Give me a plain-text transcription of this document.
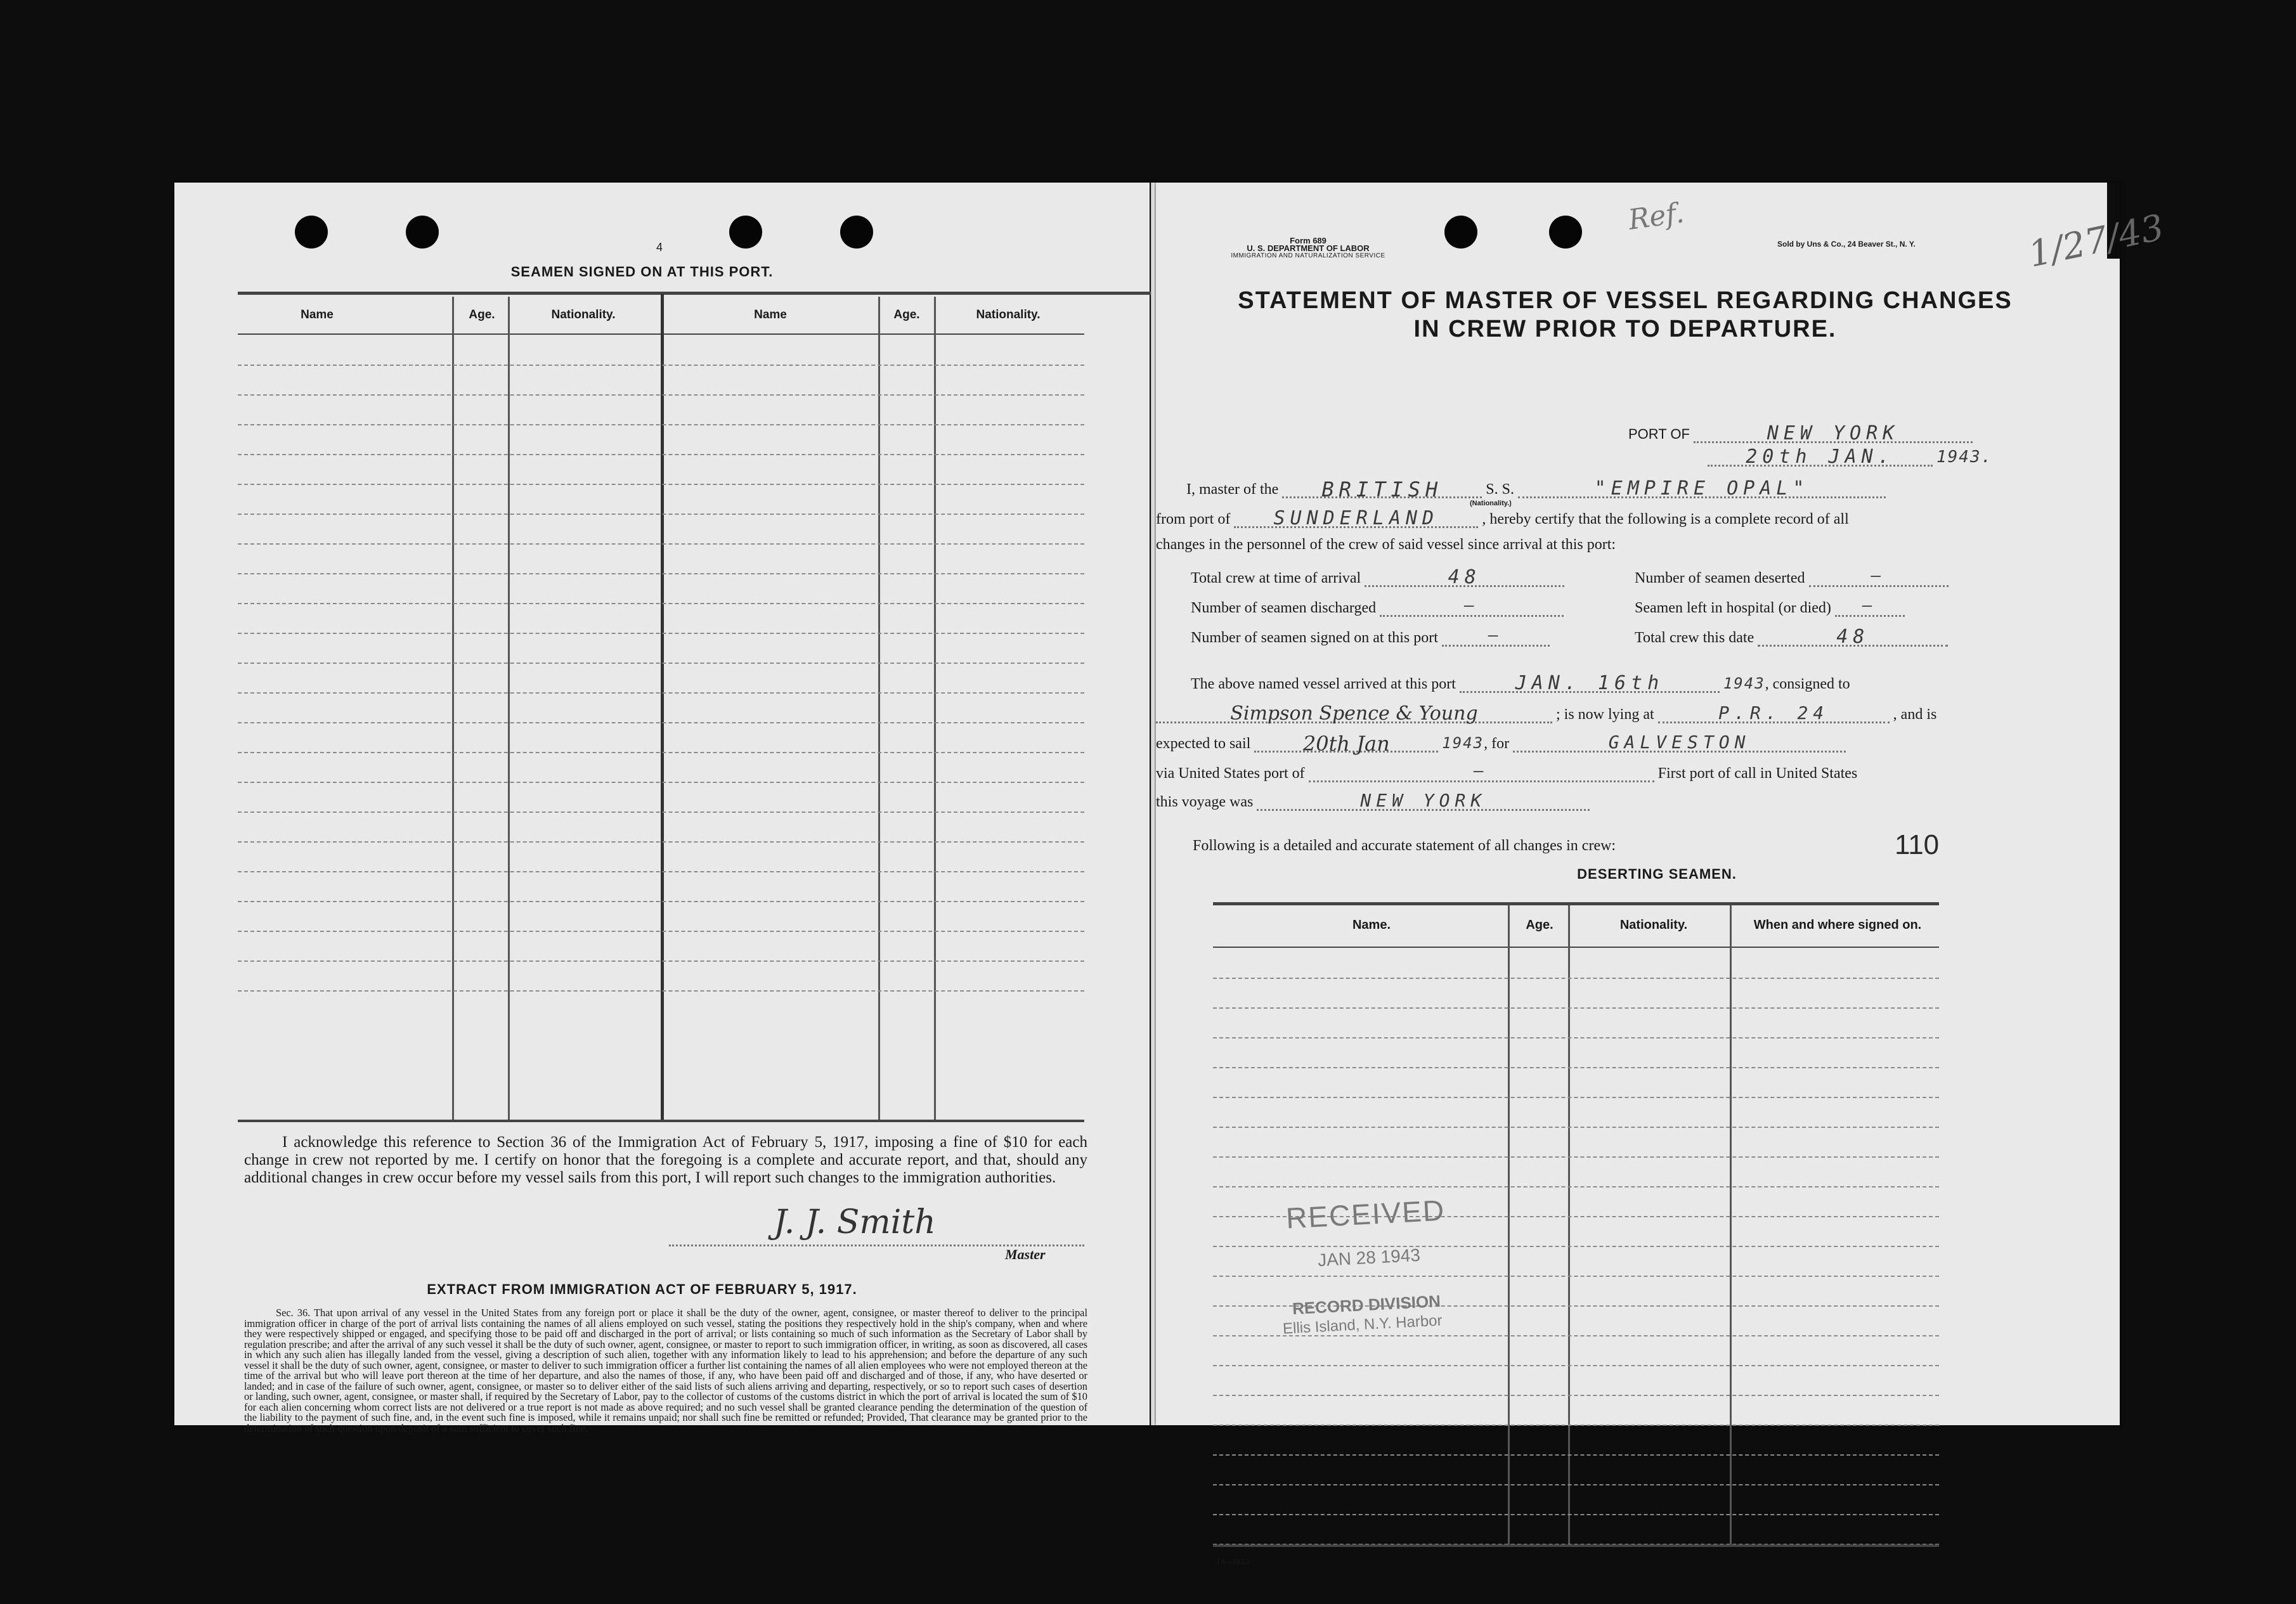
4
SEAMEN SIGNED ON AT THIS PORT.
Name	Age.	Nationality.	Name	Age.	Nationality.
I acknowledge this reference to Section 36 of the Immigration Act of February 5, 1917, imposing a fine of $10 for each change in crew not reported by me. I certify on honor that the foregoing is a complete and accurate report, and that, should any additional changes in crew occur before my vessel sails from this port, I will report such changes to the immigration authorities.
J. J. Smith
Master
EXTRACT FROM IMMIGRATION ACT OF FEBRUARY 5, 1917.
Sec. 36. That upon arrival of any vessel in the United States from any foreign port or place it shall be the duty of the owner, agent, consignee, or master thereof to deliver to the principal immigration officer in charge of the port of arrival lists containing the names of all aliens employed on such vessel, stating the positions they respectively hold in the ship's company, when and where they were respectively shipped or engaged, and specifying those to be paid off and discharged in the port of arrival; or lists containing so much of such information as the Secretary of Labor shall by regulation prescribe; and after the arrival of any such vessel it shall be the duty of such owner, agent, consignee, or master to report to such immigration officer, in writing, as soon as discovered, all cases in which any such alien has illegally landed from the vessel, giving a description of such alien, together with any information likely to lead to his apprehension; and before the departure of any such vessel it shall be the duty of such owner, agent, consignee, or master to deliver to such immigration officer a further list containing the names of all alien employees who were not employed thereon at the time of the arrival but who will leave port thereon at the time of her departure, and also the names of those, if any, who have been paid off and discharged and of those, if any, who have deserted or landed; and in case of the failure of such owner, agent, consignee, or master so to deliver either of the said lists of such aliens arriving and departing, respectively, or so to report such cases of desertion or landing, such owner, agent, consignee, or master shall, if required by the Secretary of Labor, pay to the collector of customs of the customs district in which the port of arrival is located the sum of $10 for each alien concerning whom correct lists are not delivered or a true report is not made as above required; and no such vessel shall be granted clearance pending the determination of the question of the liability to the payment of such fine, and, in the event such fine is imposed, while it remains unpaid; nor shall such fine be remitted or refunded; Provided, That clearance may be granted prior to the determination of such question upon deposit of a sum sufficient to cover such fine.
Form 689
U. S. DEPARTMENT OF LABOR
IMMIGRATION AND NATURALIZATION SERVICE
Sold by Uns & Co., 24 Beaver St., N. Y.
Ref.	1/27/43
STATEMENT OF MASTER OF VESSEL REGARDING CHANGES
IN CREW PRIOR TO DEPARTURE.
PORT OF	NEW YORK
20th JAN.	1943.
I, master of the BRITISH	S. S.	"EMPIRE OPAL"
(Nationality.)
from port of SUNDERLAND	, hereby certify that the following is a complete record of all
changes in the personnel of the crew of said vessel since arrival at this port:
Total crew at time of arrival	48	Number of seamen deserted	—
Number of seamen discharged	—	Seamen left in hospital (or died) —
Number of seamen signed on at this port	—	Total crew this date	48
The above named vessel arrived at this port	JAN. 16th	1943, consigned to
Simpson Spence & Young	; is now lying at	P.R. 24	, and is
expected to sail	20th Jan	1943, for	GALVESTON
via United States port of	—	First port of call in United States
this voyage was	NEW YORK
Following is a detailed and accurate statement of all changes in crew:	110
DESERTING SEAMEN.
Name.	Age.	Nationality.	When and where signed on.
RECEIVED
JAN 28 1943
RECORD DIVISION
Ellis Island, N.Y. Harbor
14—1613
